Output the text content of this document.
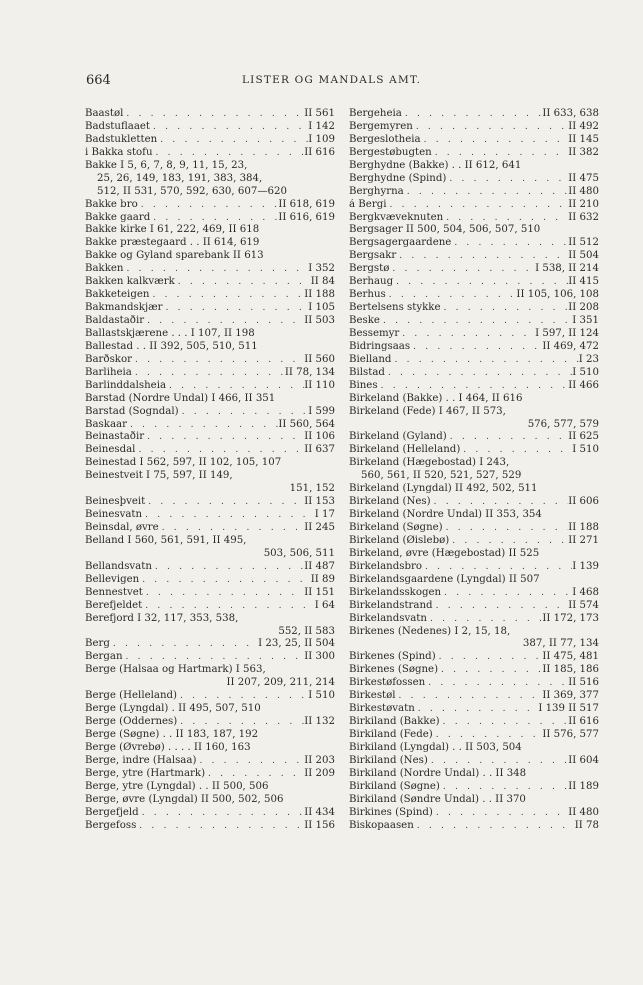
664	LISTER OG MANDALS AMT.
Baastøl . . .	II 561
Badstuflaaet . . .	I 142
Badstukletten . . .	I 109
i Bakka stofu . . .	II 616
Bakke I 5, 6, 7, 8, 9, 11, 15, 23,
25, 26, 149, 183, 191, 383, 384,
512, II 531, 570, 592, 630, 607—620
Bakke bro . . .	II 618, 619
Bakke gaard . . .	II 616, 619
Bakke kirke I 61, 222, 469, II 618
Bakke præstegaard . . II 614, 619
Bakke og Gyland sparebank II 613
Bakken . . .	I 352
Bakken kalkværk . . .	II 84
Bakketeigen . . .	II 188
Bakmandskjær . . .	I 105
Baldastaðir . . .	II 503
Ballastskjærene . . . I 107, II 198
Ballestad . . II 392, 505, 510, 511
Barðskor . . .	II 560
Barliheia . . .	II 78, 134
Barlinddalsheia . . .	II 110
Barstad (Nordre Undal) I 466, II 351
Barstad (Sogndal) . . .	I 599
Baskaar . . .	II 560, 564
Beinastaðir . . .	II 106
Beinesdal . . .	II 637
Beinestad I 562, 597, II 102, 105, 107
Beinestveit I 75, 597, II 149,
151, 152
Beinesþveit . . .	II 153
Beinesvatn . . .	I 17
Beinsdal, øvre . . .	II 245
Belland I 560, 561, 591, II 495,
503, 506, 511
Bellandsvatn . . .	II 487
Bellevigen . . .	II 89
Bennestvet . . .	II 151
Berefjeldet . . .	I 64
Berefjord I 32, 117, 353, 538,
552, II 583
Berg . . .	I 23, 25, II 504
Bergan . . .	II 300
Berge (Halsaa og Hartmark) I 563,
II 207, 209, 211, 214
Berge (Helleland) . . .	I 510
Berge (Lyngdal) . II 495, 507, 510
Berge (Oddernes) . . .	II 132
Berge (Søgne) . . II 183, 187, 192
Berge (Øvrebø) . . . . II 160, 163
Berge, indre (Halsaa) . . .	II 203
Berge, ytre (Hartmark) . . .	II 209
Berge, ytre (Lyngdal) . . II 500, 506
Berge, øvre (Lyngdal) II 500, 502, 506
Bergefjeld . . .	II 434
Bergefoss . . .	II 156
Bergeheia . . .	II 633, 638
Bergemyren . . .	II 492
Bergeslotheia . . .	II 145
Bergestøbugten . . .	II 382
Berghydne (Bakke) . . II 612, 641
Berghydne (Spind) . . .	II 475
Berghyrna . . .	II 480
á Bergi . . .	II 210
Bergkvæveknuten . . .	II 632
Bergsager II 500, 504, 506, 507, 510
Bergsagergaardene . . .	II 512
Bergsakr . . .	II 504
Bergstø . . .	I 538, II 214
Berhaug . . .	II 415
Berhus . . .	II 105, 106, 108
Bertelsens stykke . . .	II 208
Beske . . .	I 351
Bessemyr . . .	I 597, II 124
Bidringsaas . . .	II 469, 472
Bielland . . .	I 23
Bilstad . . .	I 510
Bines . . .	II 466
Birkeland (Bakke) . . I 464, II 616
Birkeland (Fede) I 467, II 573,
576, 577, 579
Birkeland (Gyland) . . .	II 625
Birkeland (Helleland) . . .	I 510
Birkeland (Hægebostad) I 243,
560, 561, II 520, 521, 527, 529
Birkeland (Lyngdal) II 492, 502, 511
Birkeland (Nes) . . .	II 606
Birkeland (Nordre Undal) II 353, 354
Birkeland (Søgne) . . .	II 188
Birkeland (Øislebø) . . .	II 271
Birkeland, øvre (Hægebostad) II 525
Birkelandsbro . . .	I 139
Birkelandsgaardene (Lyngdal) II 507
Birkelandsskogen . . .	I 468
Birkelandstrand . . .	II 574
Birkelandsvatn . . .	II 172, 173
Birkenes (Nedenes) I 2, 15, 18,
387, II 77, 134
Birkenes (Spind) . . .	II 475, 481
Birkenes (Søgne) . . .	II 185, 186
Birkestøfossen . . .	II 516
Birkestøl . . .	II 369, 377
Birkestøvatn . . .	I 139 II 517
Birkiland (Bakke) . . .	II 616
Birkiland (Fede) . . .	II 576, 577
Birkiland (Lyngdal) . . II 503, 504
Birkiland (Nes) . . .	II 604
Birkiland (Nordre Undal) . . II 348
Birkiland (Søgne) . . .	II 189
Birkiland (Søndre Undal) . . II 370
Birkines (Spind) . . .	II 480
Biskopaasen . . .	II 78
